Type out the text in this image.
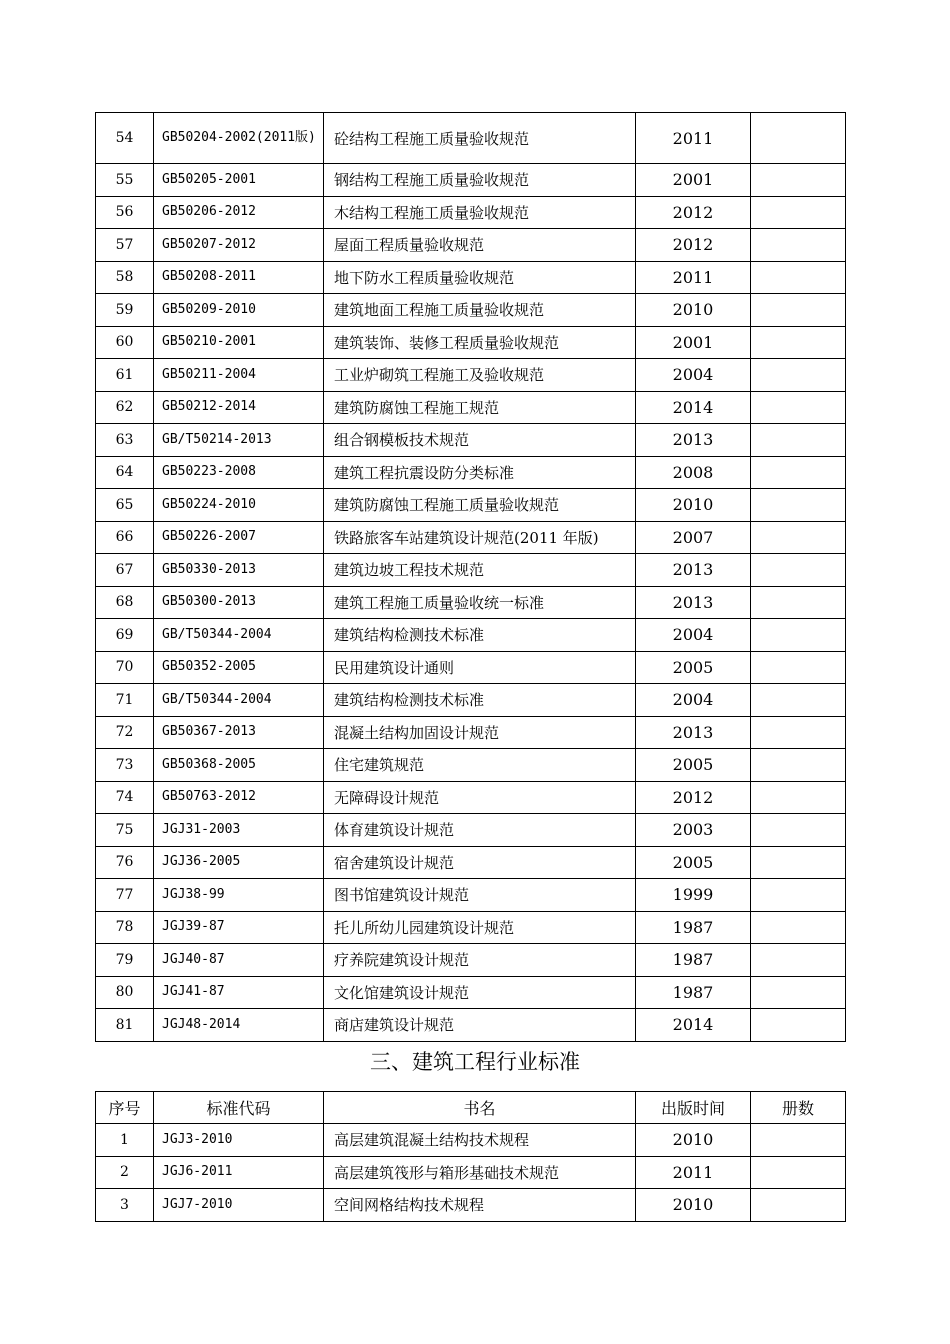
54	GB50204-2002(2011版)	砼结构工程施工质量验收规范	2011	
55	GB50205-2001	钢结构工程施工质量验收规范	2001	
56	GB50206-2012	木结构工程施工质量验收规范	2012	
57	GB50207-2012	屋面工程质量验收规范	2012	
58	GB50208-2011	地下防水工程质量验收规范	2011	
59	GB50209-2010	建筑地面工程施工质量验收规范	2010	
60	GB50210-2001	建筑装饰、装修工程质量验收规范	2001	
61	GB50211-2004	工业炉砌筑工程施工及验收规范	2004	
62	GB50212-2014	建筑防腐蚀工程施工规范	2014	
63	GB/T50214-2013	组合钢模板技术规范	2013	
64	GB50223-2008	建筑工程抗震设防分类标准	2008	
65	GB50224-2010	建筑防腐蚀工程施工质量验收规范	2010	
66	GB50226-2007	铁路旅客车站建筑设计规范(2011 年版)	2007	
67	GB50330-2013	建筑边坡工程技术规范	2013	
68	GB50300-2013	建筑工程施工质量验收统一标准	2013	
69	GB/T50344-2004	建筑结构检测技术标准	2004	
70	GB50352-2005	民用建筑设计通则	2005	
71	GB/T50344-2004	建筑结构检测技术标准	2004	
72	GB50367-2013	混凝土结构加固设计规范	2013	
73	GB50368-2005	住宅建筑规范	2005	
74	GB50763-2012	无障碍设计规范	2012	
75	JGJ31-2003	体育建筑设计规范	2003	
76	JGJ36-2005	宿舍建筑设计规范	2005	
77	JGJ38-99	图书馆建筑设计规范	1999	
78	JGJ39-87	托儿所幼儿园建筑设计规范	1987	
79	JGJ40-87	疗养院建筑设计规范	1987	
80	JGJ41-87	文化馆建筑设计规范	1987	
81	JGJ48-2014	商店建筑设计规范	2014	
三、建筑工程行业标准
序号	标准代码	书名	出版时间	册数
1	JGJ3-2010	高层建筑混凝土结构技术规程	2010	
2	JGJ6-2011	高层建筑筏形与箱形基础技术规范	2011	
3	JGJ7-2010	空间网格结构技术规程	2010	
